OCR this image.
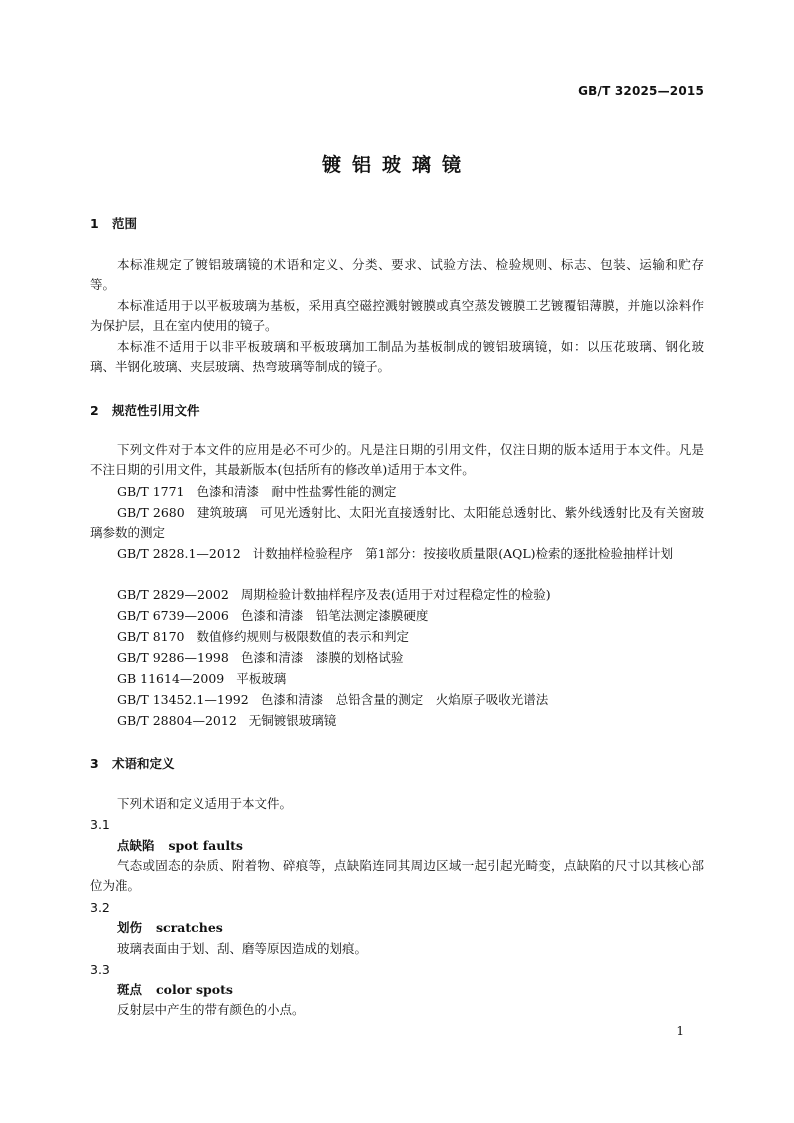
GB/T 32025—2015
镀铝玻璃镜
1 范围
本标准规定了镀铝玻璃镜的术语和定义、分类、要求、试验方法、检验规则、标志、包装、运输和贮存等。
本标准适用于以平板玻璃为基板，采用真空磁控溅射镀膜或真空蒸发镀膜工艺镀覆铝薄膜，并施以涂料作为保护层，且在室内使用的镜子。
本标准不适用于以非平板玻璃和平板玻璃加工制品为基板制成的镀铝玻璃镜，如：以压花玻璃、钢化玻璃、半钢化玻璃、夹层玻璃、热弯玻璃等制成的镜子。
2 规范性引用文件
下列文件对于本文件的应用是必不可少的。凡是注日期的引用文件，仅注日期的版本适用于本文件。凡是不注日期的引用文件，其最新版本(包括所有的修改单)适用于本文件。
GB/T 1771 色漆和清漆　耐中性盐雾性能的测定
GB/T 2680 建筑玻璃　可见光透射比、太阳光直接透射比、太阳能总透射比、紫外线透射比及有关窗玻璃参数的测定
GB/T 2828.1—2012 计数抽样检验程序　第1部分：按接收质量限(AQL)检索的逐批检验抽样计划
GB/T 2829—2002 周期检验计数抽样程序及表(适用于对过程稳定性的检验)
GB/T 6739—2006 色漆和清漆　铅笔法测定漆膜硬度
GB/T 8170 数值修约规则与极限数值的表示和判定
GB/T 9286—1998 色漆和清漆　漆膜的划格试验
GB 11614—2009 平板玻璃
GB/T 13452.1—1992 色漆和清漆　总铅含量的测定　火焰原子吸收光谱法
GB/T 28804—2012 无铜镀银玻璃镜
3 术语和定义
下列术语和定义适用于本文件。
3.1
点缺陷 spot faults
气态或固态的杂质、附着物、碎痕等，点缺陷连同其周边区域一起引起光畸变，点缺陷的尺寸以其核心部位为准。
3.2
划伤 scratches
玻璃表面由于划、刮、磨等原因造成的划痕。
3.3
斑点 color spots
反射层中产生的带有颜色的小点。
1
